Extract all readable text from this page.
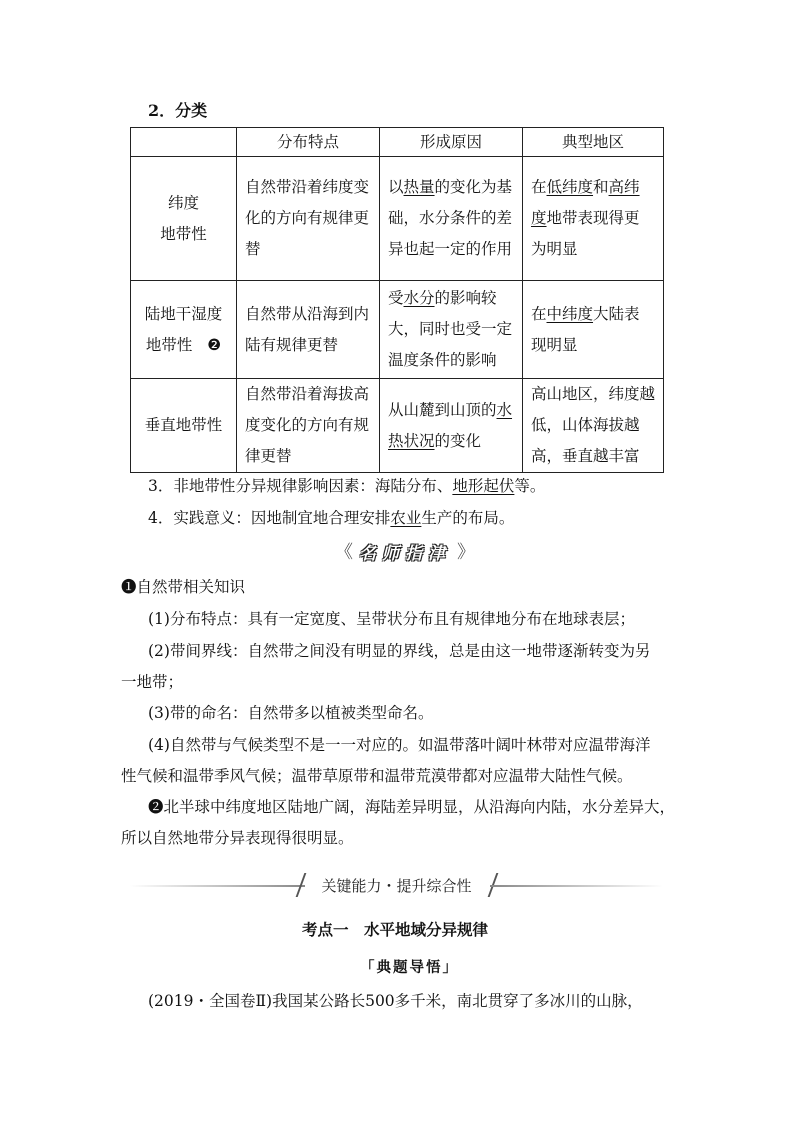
2．分类
	分布特点	形成原因	典型地区

纬度
地带性	自然带沿着纬度变化的方向有规律更替	以热量的变化为基础，水分条件的差异也起一定的作用	在低纬度和高纬度地带表现得更为明显

陆地干湿度
地带性 ❷	自然带从沿海到内陆有规律更替	受水分的影响较大，同时也受一定温度条件的影响	在中纬度大陆表现明显
垂直地带性	自然带沿着海拔高度变化的方向有规律更替	从山麓到山顶的水热状况的变化	高山地区，纬度越低，山体海拔越高，垂直越丰富
3．非地带性分异规律影响因素：海陆分布、地形起伏等。
4．实践意义：因地制宜地合理安排农业生产的布局。
《 名师指津 》
❶自然带相关知识
(1)分布特点：具有一定宽度、呈带状分布且有规律地分布在地球表层；
(2)带间界线：自然带之间没有明显的界线，总是由这一地带逐渐转变为另
一地带；
(3)带的命名：自然带多以植被类型命名。
(4)自然带与气候类型不是一一对应的。如温带落叶阔叶林带对应温带海洋
性气候和温带季风气候；温带草原带和温带荒漠带都对应温带大陆性气候。
❷北半球中纬度地区陆地广阔，海陆差异明显，从沿海向内陆，水分差异大，
所以自然地带分异表现得很明显。
关键能力・提升综合性
考点一　水平地域分异规律
「典题导悟」
(2019・全国卷Ⅱ)我国某公路长500多千米，南北贯穿了多冰川的山脉，
